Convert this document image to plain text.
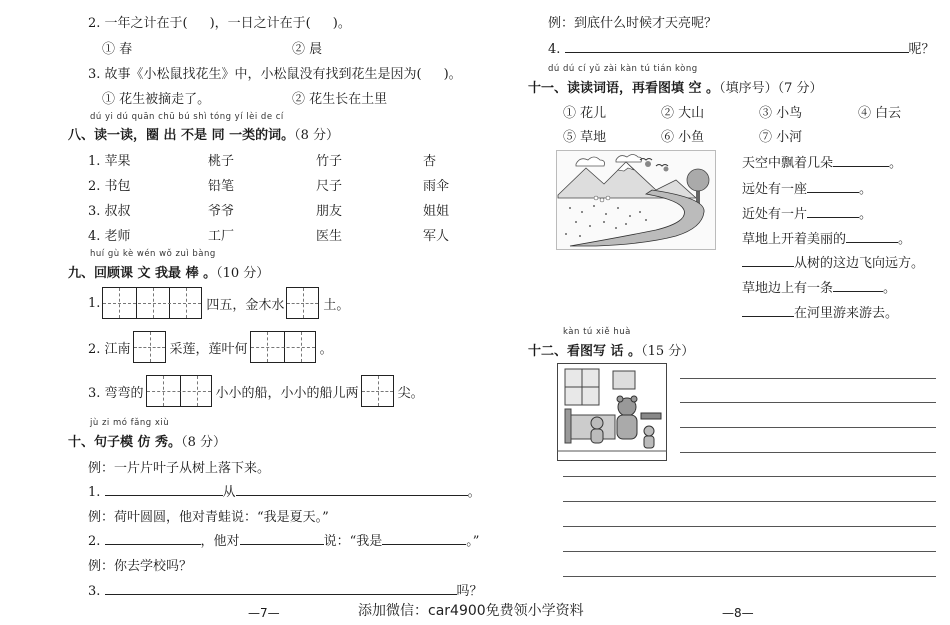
2. 一年之计在于( )，一日之计在于( )。
① 春	② 晨
3. 故事《小松鼠找花生》中，小松鼠没有找到花生是因为( )。
① 花生被摘走了。	② 花生长在土里
dú yi dú quān chū bú shì tóng yí lèi de cí
八、读一读，圈 出 不是 同 一类的词。（8 分）
1. 苹果	桃子	竹子	杏
2. 书包	铅笔	尺子	雨伞
3. 叔叔	爷爷	朋友	姐姐
4. 老师	工厂	医生	军人
huí gù kè wén wǒ zuì bàng
九、回顾课 文 我最 棒 。（10 分）
1.	四五，金木水	土。
2. 江南	采莲，莲叶何	。
3. 弯弯的	小小的船，小小的船儿两	尖。
jù zi mó fǎng xiù
十、句子模 仿 秀。（8 分）
例：一片片叶子从树上落下来。
1.	从	。
例：荷叶圆圆，他对青蛙说：“我是夏天。”
2.	，他对	说：“我是	。”
例：你去学校吗？
3.	吗？
—7—
例：到底什么时候才天亮呢？
4.	呢？
dú dú cí yǔ zài kàn tú tián kòng
十一、读读词语，再看图填 空 。（填序号）（7 分）
① 花儿	② 大山	③ 小鸟	④ 白云
⑤ 草地	⑥ 小鱼	⑦ 小河
天空中飘着几朵	。
远处有一座	。
近处有一片	。
草地上开着美丽的	。
从树的这边飞向远方。
草地边上有一条	。
在河里游来游去。
kàn tú xiě huà
十二、看图写 话 。（15 分）
—8—
添加微信：car4900免费领小学资料
